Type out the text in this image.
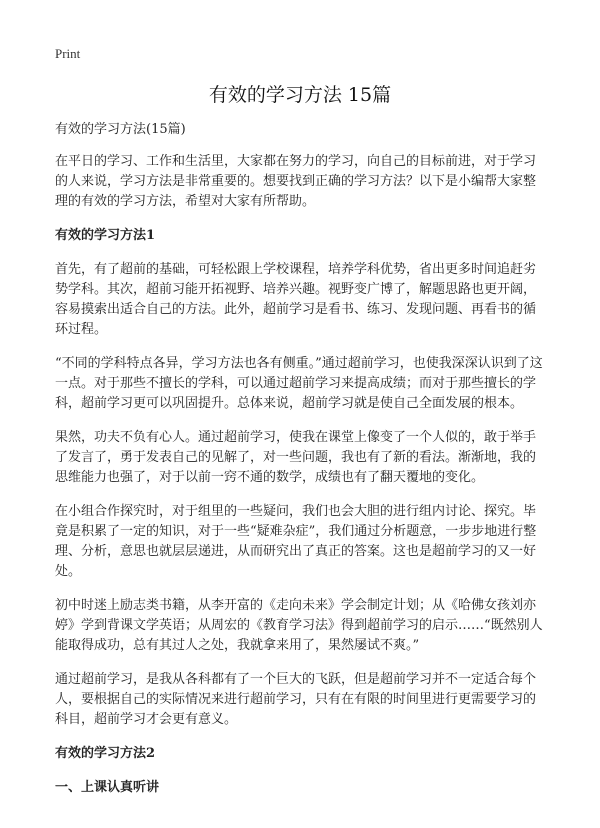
Print
有效的学习方法 15篇

有效的学习方法(15篇)

在平日的学习、工作和生活里，大家都在努力的学习，向自己的目标前进，对于学习的人来说，学习方法是非常重要的。想要找到正确的学习方法？以下是小编帮大家整理的有效的学习方法，希望对大家有所帮助。

有效的学习方法1

首先，有了超前的基础，可轻松跟上学校课程，培养学科优势，省出更多时间追赶劣势学科。其次，超前习能开拓视野、培养兴趣。视野变广博了，解题思路也更开阔，容易摸索出适合自己的方法。此外，超前学习是看书、练习、发现问题、再看书的循环过程。

“不同的学科特点各异，学习方法也各有侧重。”通过超前学习，也使我深深认识到了这一点。对于那些不擅长的学科，可以通过超前学习来提高成绩；而对于那些擅长的学科，超前学习更可以巩固提升。总体来说，超前学习就是使自己全面发展的根本。

果然，功夫不负有心人。通过超前学习，使我在课堂上像变了一个人似的，敢于举手了发言了，勇于发表自己的见解了，对一些问题，我也有了新的看法。渐渐地，我的思维能力也强了，对于以前一窍不通的数学，成绩也有了翻天覆地的变化。

在小组合作探究时，对于组里的一些疑问，我们也会大胆的进行组内讨论、探究。毕竟是积累了一定的知识，对于一些“疑难杂症”，我们通过分析题意，一步步地进行整理、分析，意思也就层层递进，从而研究出了真正的答案。这也是超前学习的又一好处。

初中时迷上励志类书籍，从李开富的《走向未来》学会制定计划；从《哈佛女孩刘亦婷》学到背课文学英语；从周宏的《教育学习法》得到超前学习的启示……“既然别人能取得成功，总有其过人之处，我就拿来用了，果然屡试不爽。”

通过超前学习，是我从各科都有了一个巨大的飞跃，但是超前学习并不一定适合每个人，要根据自己的实际情况来进行超前学习，只有在有限的时间里进行更需要学习的科目，超前学习才会更有意义。

有效的学习方法2

一、上课认真听讲
